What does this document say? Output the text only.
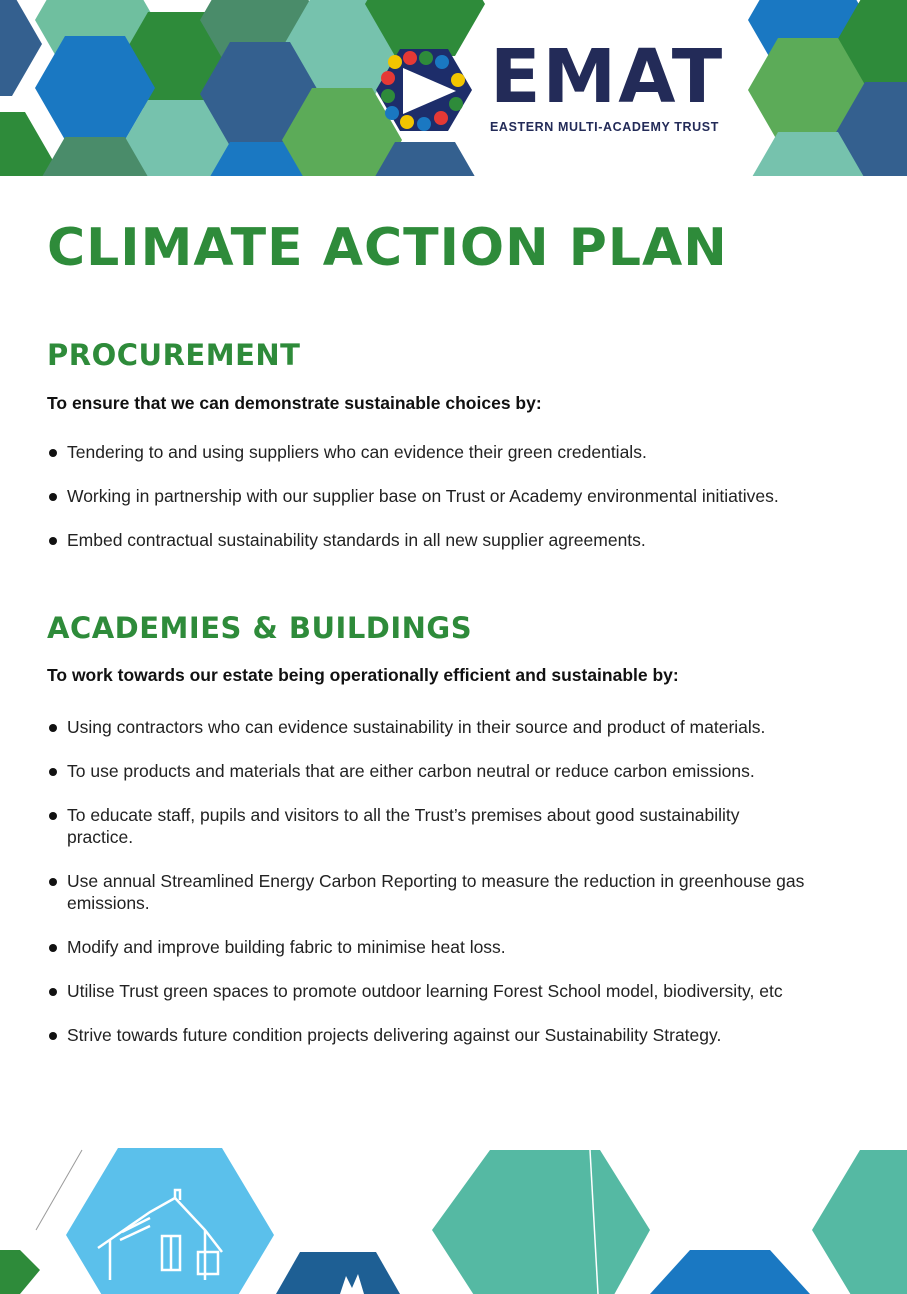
EMAT
EASTERN MULTI-ACADEMY TRUST
CLIMATE ACTION PLAN
PROCUREMENT

To ensure that we can demonstrate sustainable choices by:

Tendering to and using suppliers who can evidence their green credentials.
Working in partnership with our supplier base on Trust or Academy environmental initiatives.
Embed contractual sustainability standards in all new supplier agreements.
ACADEMIES & BUILDINGS

To work towards our estate being operationally efficient and sustainable by:

Using contractors who can evidence sustainability in their source and product of materials.
To use products and materials that are either carbon neutral or reduce carbon emissions.
To educate staff, pupils and visitors to all the Trust’s premises about good sustainability practice.
Use annual Streamlined Energy Carbon Reporting to measure the reduction in greenhouse gas emissions.
Modify and improve building fabric to minimise heat loss.
Utilise Trust green spaces to promote outdoor learning Forest School model, biodiversity, etc
Strive towards future condition projects delivering against our Sustainability Strategy.
